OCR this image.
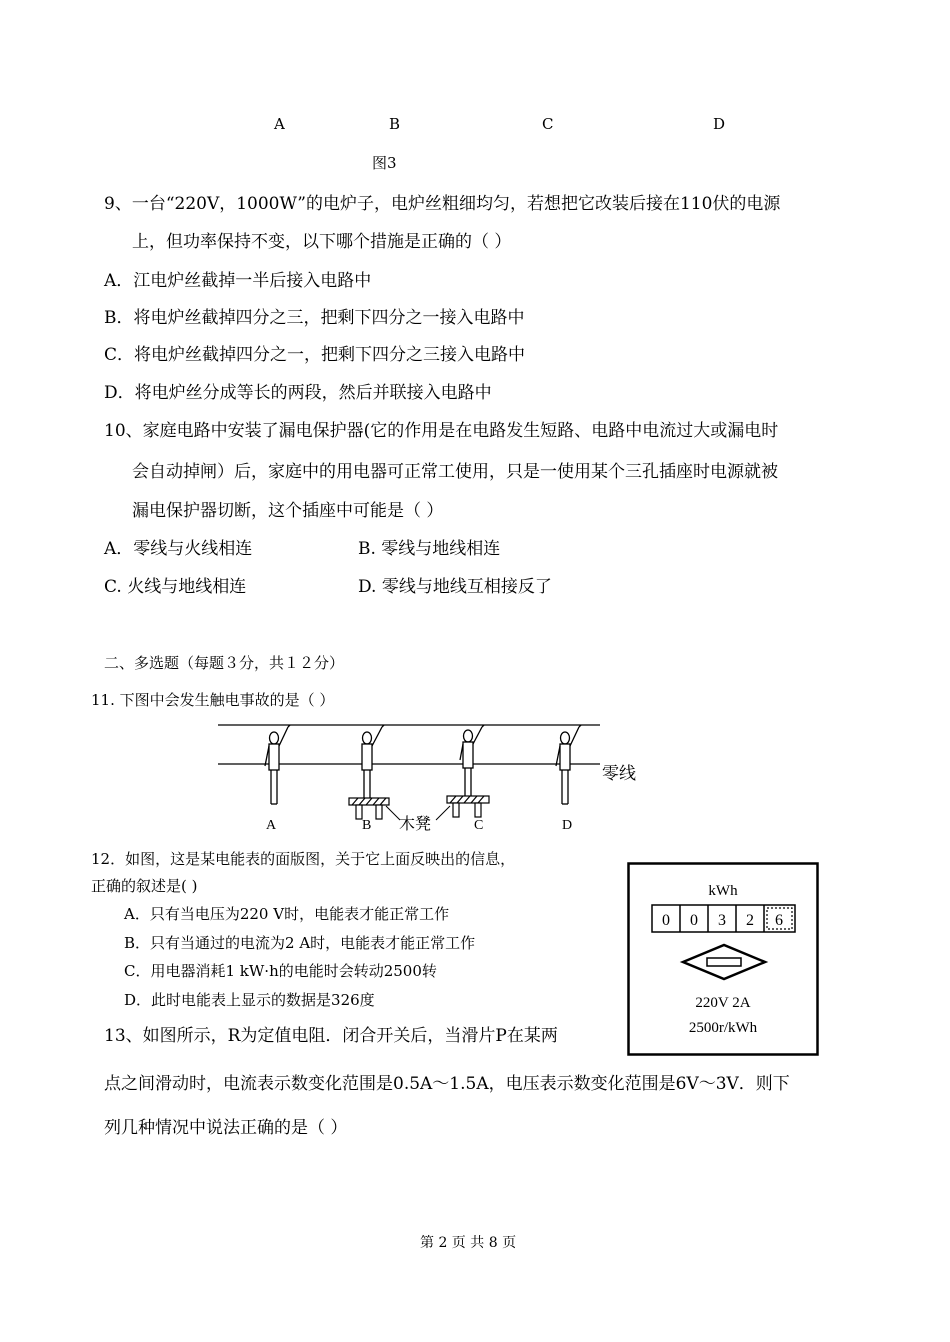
A	B	C	D
图3
9、一台“220V，1000W”的电炉子，电炉丝粗细均匀，若想把它改装后接在110伏的电源
上，但功率保持不变，以下哪个措施是正确的（ ）
A．江电炉丝截掉一半后接入电路中
B．将电炉丝截掉四分之三，把剩下四分之一接入电路中
C．将电炉丝截掉四分之一，把剩下四分之三接入电路中
D．将电炉丝分成等长的两段，然后并联接入电路中
10、家庭电路中安装了漏电保护器(它的作用是在电路发生短路、电路中电流过大或漏电时
会自动掉闸）后，家庭中的用电器可正常工使用，只是一使用某个三孔插座时电源就被
漏电保护器切断，这个插座中可能是（ ）
A．零线与火线相连	B. 零线与地线相连
C. 火线与地线相连	D. 零线与地线互相接反了
二、多选题（每题３分，共１２分）
11. 下图中会发生触电事故的是（ ）
零线
木凳
A	B	C	D
12．如图，这是某电能表的面版图，关于它上面反映出的信息，
正确的叙述是( )
A．只有当电压为220 V时，电能表才能正常工作
B．只有当通过的电流为2 A时，电能表才能正常工作
C．用电器消耗1 kW·h的电能时会转动2500转
D．此时电能表上显示的数据是326度
kWh
0 0 3 2 6
220V 2A
2500r/kWh
13、如图所示，R为定值电阻．闭合开关后，当滑片P在某两
点之间滑动时，电流表示数变化范围是0.5A～1.5A，电压表示数变化范围是6V～3V．则下
列几种情况中说法正确的是（ ）
第 2 页 共 8 页
